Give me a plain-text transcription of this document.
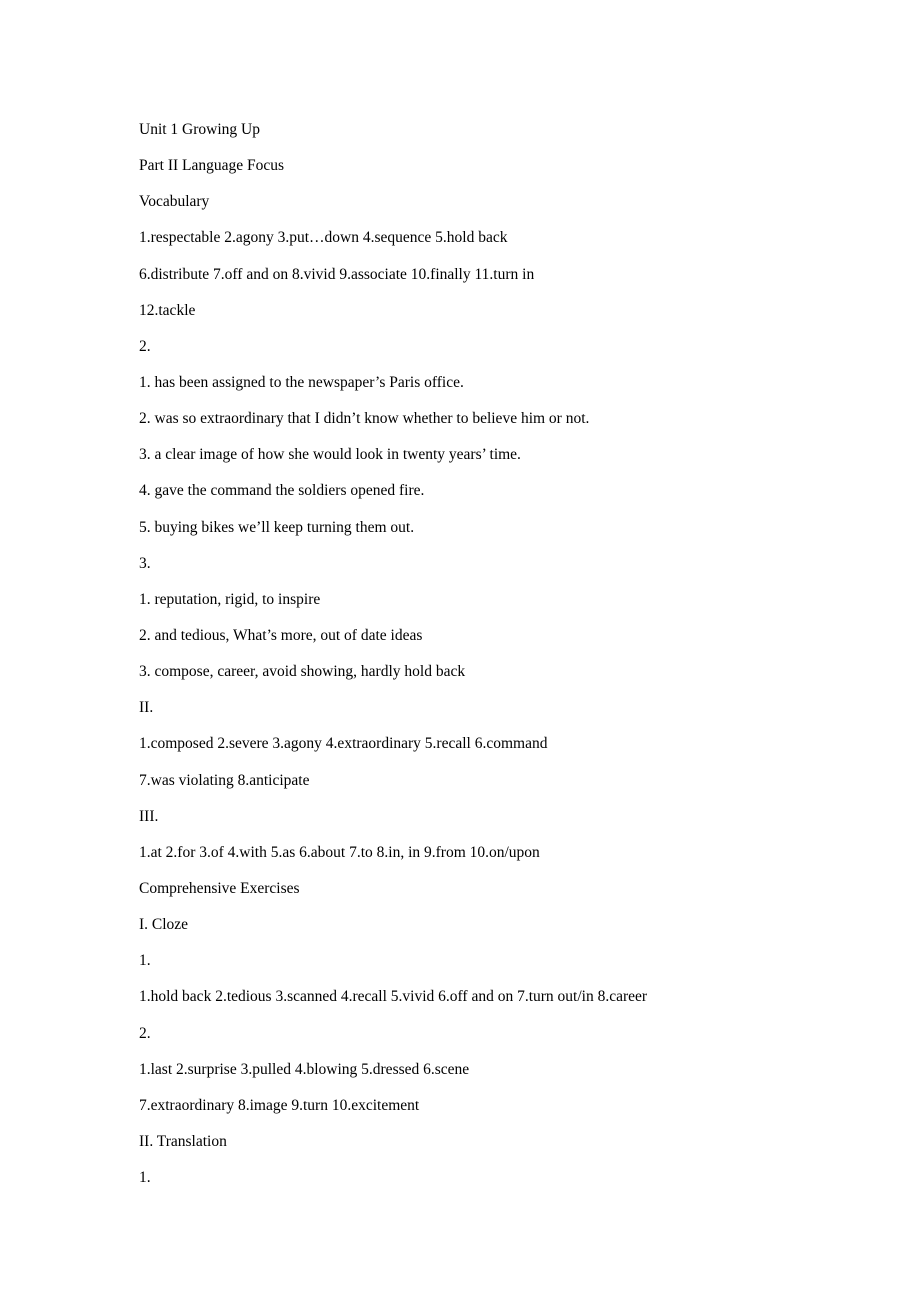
Unit 1 Growing Up
Part II Language Focus
Vocabulary
1.respectable 2.agony 3.put…down 4.sequence 5.hold back
6.distribute 7.off and on 8.vivid 9.associate 10.finally 11.turn in
12.tackle
2.
1. has been assigned to the newspaper’s Paris office.
2. was so extraordinary that I didn’t know whether to believe him or not.
3. a clear image of how she would look in twenty years’ time.
4. gave the command the soldiers opened fire.
5. buying bikes we’ll keep turning them out.
3.
1. reputation, rigid, to inspire
2. and tedious, What’s more, out of date ideas
3. compose, career, avoid showing, hardly hold back
II.
1.composed 2.severe 3.agony 4.extraordinary 5.recall 6.command
7.was violating 8.anticipate
III.
1.at 2.for 3.of 4.with 5.as 6.about 7.to 8.in, in 9.from 10.on/upon
Comprehensive Exercises
I. Cloze
1.
1.hold back 2.tedious 3.scanned 4.recall 5.vivid 6.off and on 7.turn out/in 8.career
2.
1.last 2.surprise 3.pulled 4.blowing 5.dressed 6.scene
7.extraordinary 8.image 9.turn 10.excitement
II. Translation
1.
